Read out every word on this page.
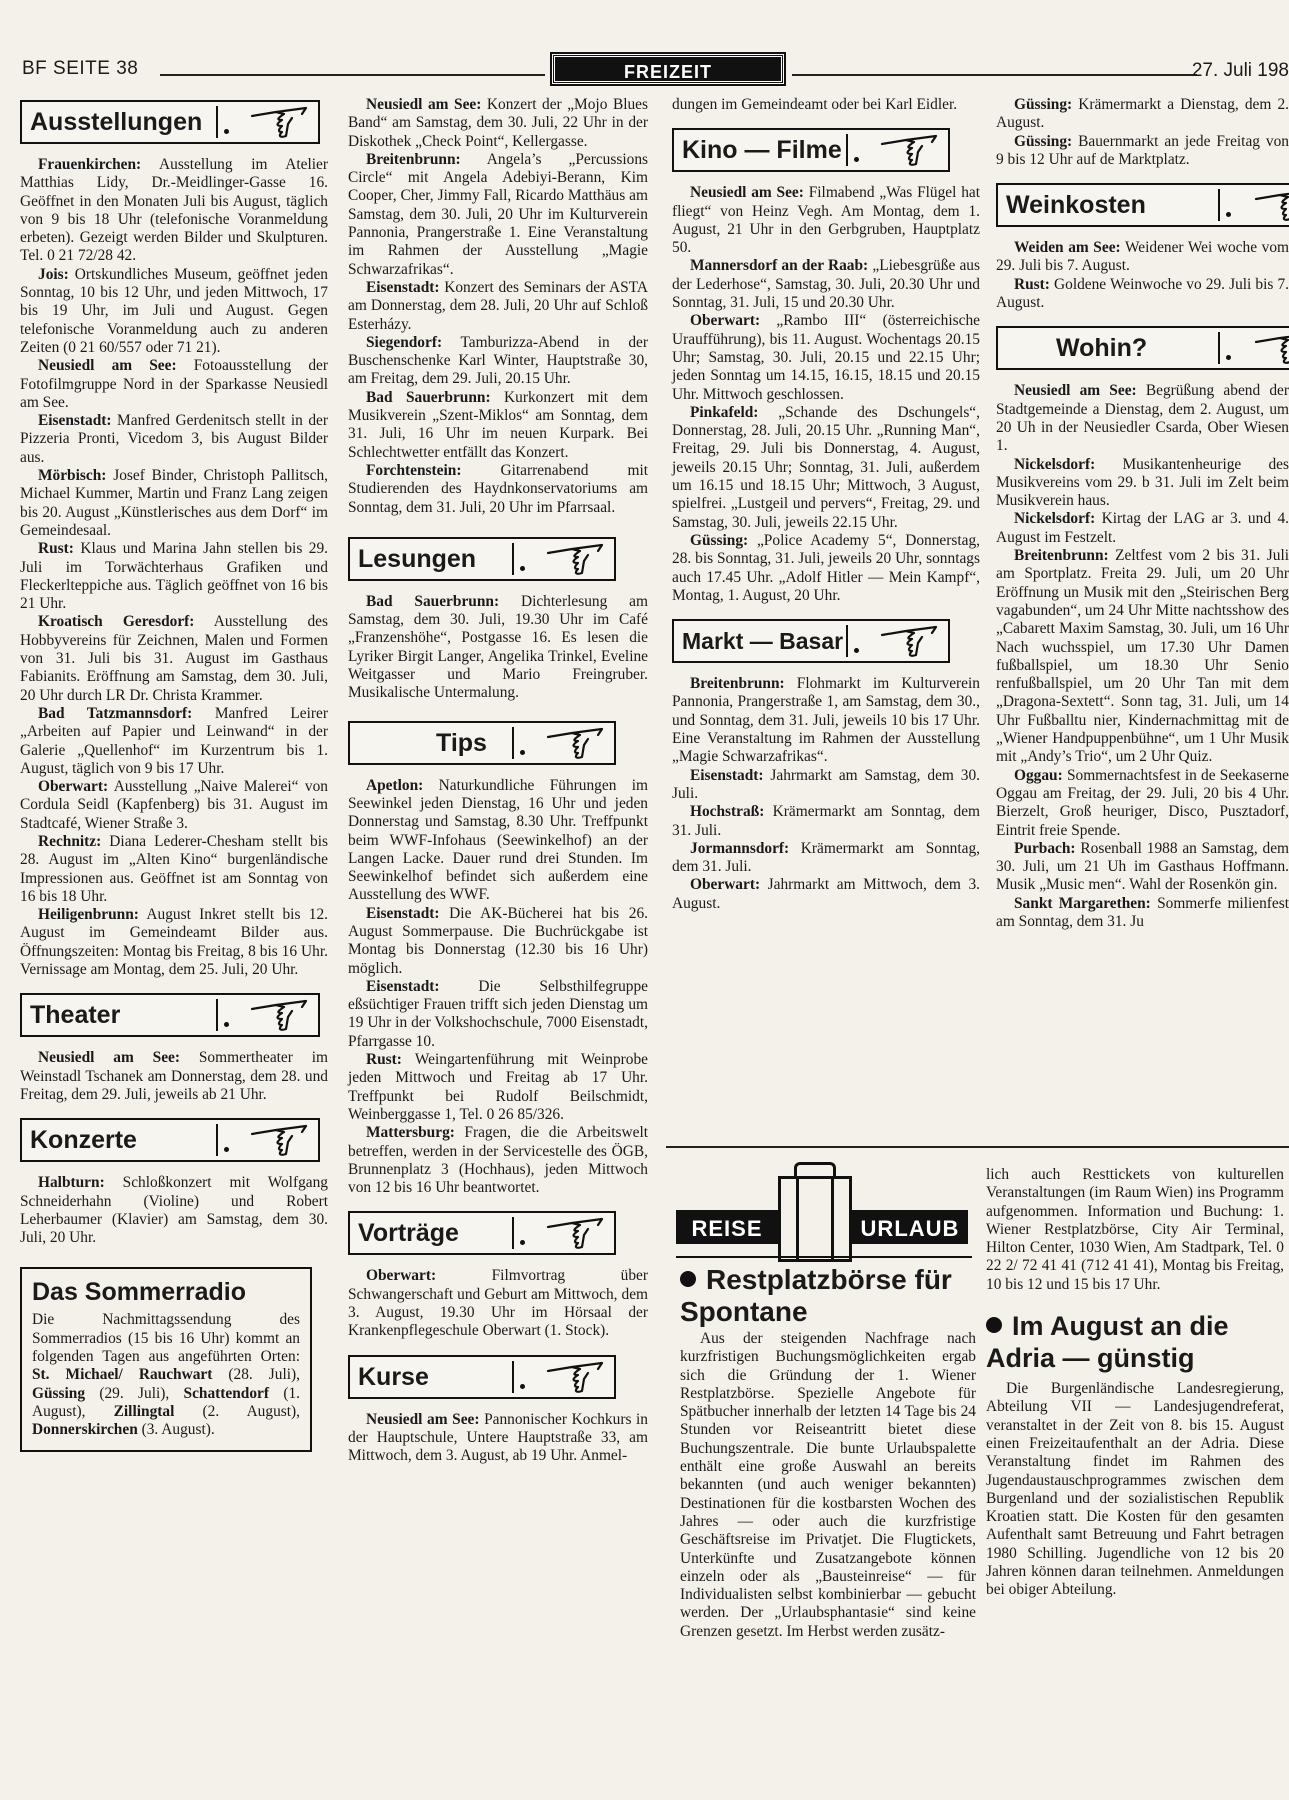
BF SEITE 38	FREIZEIT	27. Juli 198
Ausstellungen

Frauenkirchen: Ausstellung im Atelier Matthias Lidy, Dr.-Meidlinger-Gasse 16. Geöffnet in den Monaten Juli bis August, täglich von 9 bis 18 Uhr (telefonische Voranmeldung erbeten). Gezeigt werden Bilder und Skulpturen. Tel. 0 21 72/28 42.

Jois: Ortskundliches Museum, geöffnet jeden Sonntag, 10 bis 12 Uhr, und jeden Mittwoch, 17 bis 19 Uhr, im Juli und August. Gegen telefonische Voranmeldung auch zu anderen Zeiten (0 21 60/557 oder 71 21).

Neusiedl am See: Fotoausstellung der Fotofilmgruppe Nord in der Sparkasse Neusiedl am See.

Eisenstadt: Manfred Gerdenitsch stellt in der Pizzeria Pronti, Vicedom 3, bis August Bilder aus.

Mörbisch: Josef Binder, Christoph Pallitsch, Michael Kummer, Martin und Franz Lang zeigen bis 20. August „Künstlerisches aus dem Dorf“ im Gemeindesaal.

Rust: Klaus und Marina Jahn stellen bis 29. Juli im Torwächterhaus Grafiken und Fleckerlteppiche aus. Täglich geöffnet von 16 bis 21 Uhr.

Kroatisch Geresdorf: Ausstellung des Hobbyvereins für Zeichnen, Malen und Formen von 31. Juli bis 31. August im Gasthaus Fabianits. Eröffnung am Samstag, dem 30. Juli, 20 Uhr durch LR Dr. Christa Krammer.

Bad Tatzmannsdorf: Manfred Leirer „Arbeiten auf Papier und Leinwand“ in der Galerie „Quellenhof“ im Kurzentrum bis 1. August, täglich von 9 bis 17 Uhr.

Oberwart: Ausstellung „Naive Malerei“ von Cordula Seidl (Kapfenberg) bis 31. August im Stadtcafé, Wiener Straße 3.

Rechnitz: Diana Lederer-Chesham stellt bis 28. August im „Alten Kino“ burgenländische Impressionen aus. Geöffnet ist am Sonntag von 16 bis 18 Uhr.

Heiligenbrunn: August Inkret stellt bis 12. August im Gemeindeamt Bilder aus. Öffnungszeiten: Montag bis Freitag, 8 bis 16 Uhr. Vernissage am Montag, dem 25. Juli, 20 Uhr.

Theater

Neusiedl am See: Sommertheater im Weinstadl Tschanek am Donnerstag, dem 28. und Freitag, dem 29. Juli, jeweils ab 21 Uhr.

Konzerte

Halbturn: Schloßkonzert mit Wolfgang Schneiderhahn (Violine) und Robert Leherbaumer (Klavier) am Samstag, dem 30. Juli, 20 Uhr.

Das Sommerradio

Die Nachmittagssendung des Sommerradios (15 bis 16 Uhr) kommt an folgenden Tagen aus angeführten Orten: St. Michael/ Rauchwart (28. Juli), Güssing (29. Juli), Schattendorf (1. August), Zillingtal (2. August), Donnerskirchen (3. August).

Neusiedl am See: Konzert der „Mojo Blues Band“ am Samstag, dem 30. Juli, 22 Uhr in der Diskothek „Check Point“, Kellergasse.

Breitenbrunn: Angela’s „Percussions Circle“ mit Angela Adebiyi-Berann, Kim Cooper, Cher, Jimmy Fall, Ricardo Matthäus am Samstag, dem 30. Juli, 20 Uhr im Kulturverein Pannonia, Prangerstraße 1. Eine Veranstaltung im Rahmen der Ausstellung „Magie Schwarzafrikas“.

Eisenstadt: Konzert des Seminars der ASTA am Donnerstag, dem 28. Juli, 20 Uhr auf Schloß Esterházy.

Siegendorf: Tamburizza-Abend in der Buschenschenke Karl Winter, Hauptstraße 30, am Freitag, dem 29. Juli, 20.15 Uhr.

Bad Sauerbrunn: Kurkonzert mit dem Musikverein „Szent-Miklos“ am Sonntag, dem 31. Juli, 16 Uhr im neuen Kurpark. Bei Schlechtwetter entfällt das Konzert.

Forchtenstein: Gitarrenabend mit Studierenden des Haydnkonservatoriums am Sonntag, dem 31. Juli, 20 Uhr im Pfarrsaal.

Lesungen

Bad Sauerbrunn: Dichterlesung am Samstag, dem 30. Juli, 19.30 Uhr im Café „Franzenshöhe“, Postgasse 16. Es lesen die Lyriker Birgit Langer, Angelika Trinkel, Eveline Weitgasser und Mario Freingruber. Musikalische Untermalung.

Tips

Apetlon: Naturkundliche Führungen im Seewinkel jeden Dienstag, 16 Uhr und jeden Donnerstag und Samstag, 8.30 Uhr. Treffpunkt beim WWF-Infohaus (Seewinkelhof) an der Langen Lacke. Dauer rund drei Stunden. Im Seewinkelhof befindet sich außerdem eine Ausstellung des WWF.

Eisenstadt: Die AK-Bücherei hat bis 26. August Sommerpause. Die Buchrückgabe ist Montag bis Donnerstag (12.30 bis 16 Uhr) möglich.

Eisenstadt: Die Selbsthilfegruppe eßsüchtiger Frauen trifft sich jeden Dienstag um 19 Uhr in der Volkshochschule, 7000 Eisenstadt, Pfarrgasse 10.

Rust: Weingartenführung mit Weinprobe jeden Mittwoch und Freitag ab 17 Uhr. Treffpunkt bei Rudolf Beilschmidt, Weinberggasse 1, Tel. 0 26 85/326.

Mattersburg: Fragen, die die Arbeitswelt betreffen, werden in der Servicestelle des ÖGB, Brunnenplatz 3 (Hochhaus), jeden Mittwoch von 12 bis 16 Uhr beantwortet.

Vorträge

Oberwart: Filmvortrag über Schwangerschaft und Geburt am Mittwoch, dem 3. August, 19.30 Uhr im Hörsaal der Krankenpflegeschule Oberwart (1. Stock).

Kurse

Neusiedl am See: Pannonischer Kochkurs in der Hauptschule, Untere Hauptstraße 33, am Mittwoch, dem 3. August, ab 19 Uhr. Anmel-

dungen im Gemeindeamt oder bei Karl Eidler.

Kino — Filme

Neusiedl am See: Filmabend „Was Flügel hat fliegt“ von Heinz Vegh. Am Montag, dem 1. August, 21 Uhr in den Gerbgruben, Hauptplatz 50.

Mannersdorf an der Raab: „Liebesgrüße aus der Lederhose“, Samstag, 30. Juli, 20.30 Uhr und Sonntag, 31. Juli, 15 und 20.30 Uhr.

Oberwart: „Rambo III“ (österreichische Uraufführung), bis 11. August. Wochentags 20.15 Uhr; Samstag, 30. Juli, 20.15 und 22.15 Uhr; jeden Sonntag um 14.15, 16.15, 18.15 und 20.15 Uhr. Mittwoch geschlossen.

Pinkafeld: „Schande des Dschungels“, Donnerstag, 28. Juli, 20.15 Uhr. „Running Man“, Freitag, 29. Juli bis Donnerstag, 4. August, jeweils 20.15 Uhr; Sonntag, 31. Juli, außerdem um 16.15 und 18.15 Uhr; Mittwoch, 3 August, spielfrei. „Lustgeil und pervers“, Freitag, 29. und Samstag, 30. Juli, jeweils 22.15 Uhr.

Güssing: „Police Academy 5“, Donnerstag, 28. bis Sonntag, 31. Juli, jeweils 20 Uhr, sonntags auch 17.45 Uhr. „Adolf Hitler — Mein Kampf“, Montag, 1. August, 20 Uhr.

Markt — Basar

Breitenbrunn: Flohmarkt im Kulturverein Pannonia, Prangerstraße 1, am Samstag, dem 30., und Sonntag, dem 31. Juli, jeweils 10 bis 17 Uhr. Eine Veranstaltung im Rahmen der Ausstellung „Magie Schwarzafrikas“.

Eisenstadt: Jahrmarkt am Samstag, dem 30. Juli.

Hochstraß: Krämermarkt am Sonntag, dem 31. Juli.

Jormannsdorf: Krämermarkt am Sonntag, dem 31. Juli.

Oberwart: Jahrmarkt am Mittwoch, dem 3. August.

Güssing: Krämermarkt a Dienstag, dem 2. August.

Güssing: Bauernmarkt an jede Freitag von 9 bis 12 Uhr auf de Marktplatz.

Weinkosten

Weiden am See: Weidener Wei woche vom 29. Juli bis 7. August.

Rust: Goldene Weinwoche vo 29. Juli bis 7. August.

Wohin?

Neusiedl am See: Begrüßung abend der Stadtgemeinde a Dienstag, dem 2. August, um 20 Uh in der Neusiedler Csarda, Ober Wiesen 1.

Nickelsdorf: Musikantenheurige des Musikvereins vom 29. b 31. Juli im Zelt beim Musikverein haus.

Nickelsdorf: Kirtag der LAG ar 3. und 4. August im Festzelt.

Breitenbrunn: Zeltfest vom 2 bis 31. Juli am Sportplatz. Freita 29. Juli, um 20 Uhr Eröffnung un Musik mit den „Steirischen Berg vagabunden“, um 24 Uhr Mitte nachtsshow des „Cabarett Maxim Samstag, 30. Juli, um 16 Uhr Nach wuchsspiel, um 17.30 Uhr Damen fußballspiel, um 18.30 Uhr Senio renfußballspiel, um 20 Uhr Tan mit dem „Dragona-Sextett“. Sonn tag, 31. Juli, um 14 Uhr Fußballtu nier, Kindernachmittag mit de „Wiener Handpuppenbühne“, um 1 Uhr Musik mit „Andy’s Trio“, um 2 Uhr Quiz.

Oggau: Sommernachtsfest in de Seekaserne Oggau am Freitag, der 29. Juli, 20 bis 4 Uhr. Bierzelt, Groß heuriger, Disco, Pusztadorf, Eintrit freie Spende.

Purbach: Rosenball 1988 an Samstag, dem 30. Juli, um 21 Uh im Gasthaus Hoffmann. Musik „Music men“. Wahl der Rosenkön gin.

Sankt Margarethen: Sommerfe milienfest am Sonntag, dem 31. Ju

REISE	URLAUB
Restplatzbörse für Spontane

Aus der steigenden Nachfrage nach kurzfristigen Buchungsmöglichkeiten ergab sich die Gründung der 1. Wiener Restplatzbörse. Spezielle Angebote für Spätbucher innerhalb der letzten 14 Tage bis 24 Stunden vor Reiseantritt bietet diese Buchungszentrale. Die bunte Urlaubspalette enthält eine große Auswahl an bereits bekannten (und auch weniger bekannten) Destinationen für die kostbarsten Wochen des Jahres — oder auch die kurzfristige Geschäftsreise im Privatjet. Die Flugtickets, Unterkünfte und Zusatzangebote können einzeln oder als „Bausteinreise“ — für Individualisten selbst kombinierbar — gebucht werden. Der „Urlaubsphantasie“ sind keine Grenzen gesetzt. Im Herbst werden zusätz-

lich auch Resttickets von kulturellen Veranstaltungen (im Raum Wien) ins Programm aufgenommen. Information und Buchung: 1. Wiener Restplatzbörse, City Air Terminal, Hilton Center, 1030 Wien, Am Stadtpark, Tel. 0 22 2/ 72 41 41 (712 41 41), Montag bis Freitag, 10 bis 12 und 15 bis 17 Uhr.

Im August an die Adria — günstig

Die Burgenländische Landesregierung, Abteilung VII — Landesjugendreferat, veranstaltet in der Zeit von 8. bis 15. August einen Freizeitaufenthalt an der Adria. Diese Veranstaltung findet im Rahmen des Jugendaustauschprogrammes zwischen dem Burgenland und der sozialistischen Republik Kroatien statt. Die Kosten für den gesamten Aufenthalt samt Betreuung und Fahrt betragen 1980 Schilling. Jugendliche von 12 bis 20 Jahren können daran teilnehmen. Anmeldungen bei obiger Abteilung.
